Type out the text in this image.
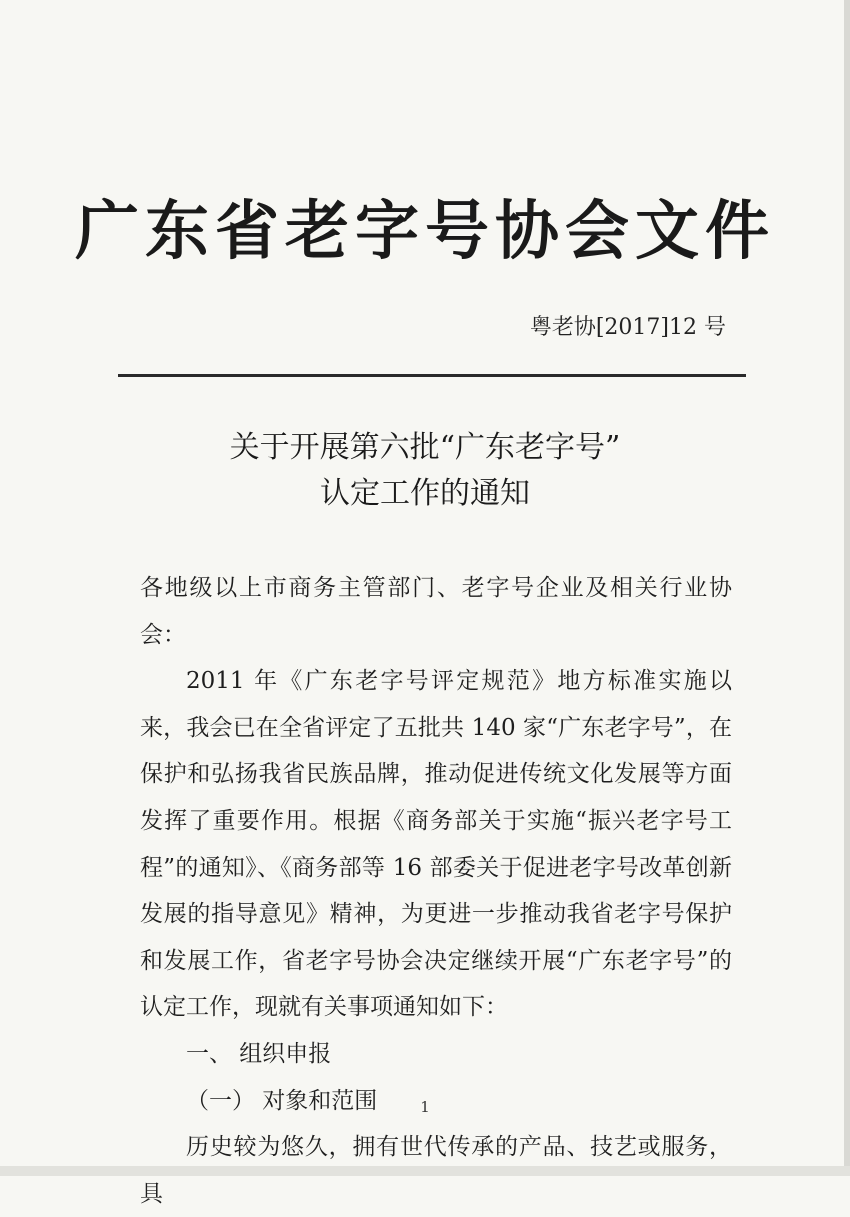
广东省老字号协会文件
粤老协[2017]12 号
关于开展第六批“广东老字号”
认定工作的通知

各地级以上市商务主管部门、老字号企业及相关行业协会：

2011 年《广东老字号评定规范》地方标准实施以来，我会已在全省评定了五批共 140 家“广东老字号”，在保护和弘扬我省民族品牌，推动促进传统文化发展等方面发挥了重要作用。根据《商务部关于实施“振兴老字号工程”的通知》、《商务部等 16 部委关于促进老字号改革创新发展的指导意见》精神，为更进一步推动我省老字号保护和发展工作，省老字号协会决定继续开展“广东老字号”的认定工作，现就有关事项通知如下：

一、 组织申报

（一） 对象和范围

历史较为悠久，拥有世代传承的产品、技艺或服务，具

1
